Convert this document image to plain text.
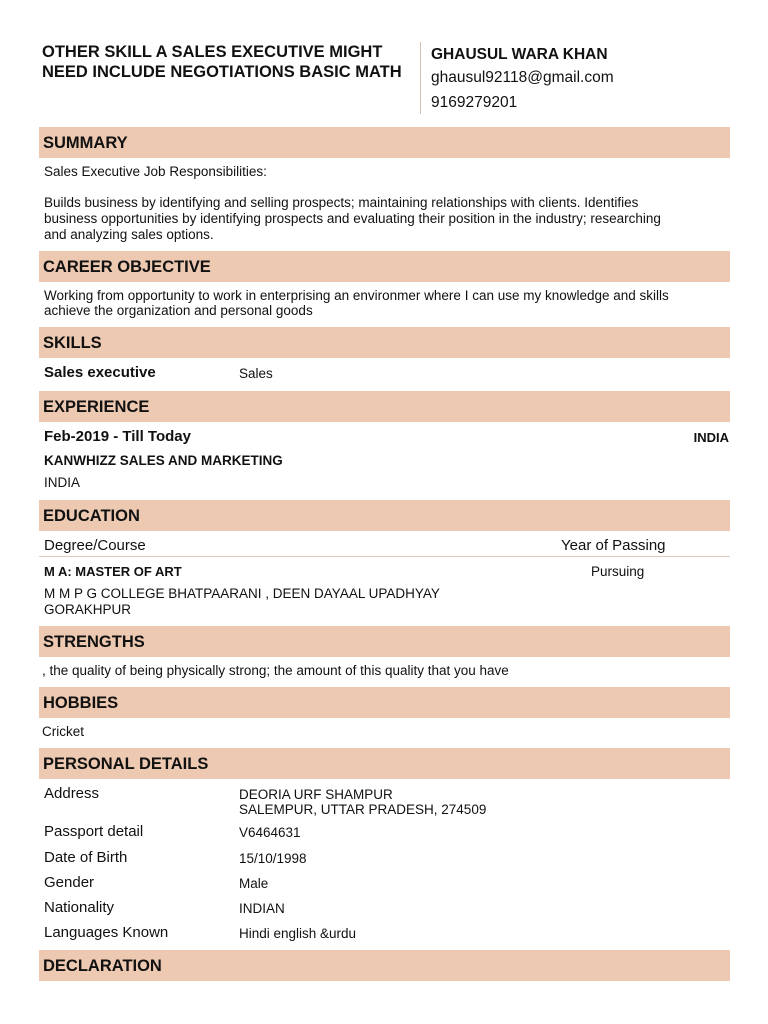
OTHER SKILL A SALES EXECUTIVE MIGHT NEED INCLUDE NEGOTIATIONS BASIC MATH
GHAUSUL WARA KHAN
ghausul92118@gmail.com
9169279201
SUMMARY
Sales Executive Job Responsibilities:
Builds business by identifying and selling prospects; maintaining relationships with clients. Identifies
business opportunities by identifying prospects and evaluating their position in the industry; researching
and analyzing sales options.
CAREER OBJECTIVE
Working from opportunity to work in enterprising an environmer where I can use my knowledge and skills
achieve the organization and personal goods
SKILLS
Sales executive	Sales
EXPERIENCE
Feb-2019 - Till Today	INDIA
KANWHIZZ SALES AND MARKETING
INDIA
EDUCATION
Degree/Course	Year of Passing
M A: MASTER OF ART	Pursuing
M M P G COLLEGE BHATPAARANI , DEEN DAYAAL UPADHYAY
GORAKHPUR
STRENGTHS
, the quality of being physically strong; the amount of this quality that you have
HOBBIES
Cricket
PERSONAL DETAILS
Address	DEORIA URF SHAMPUR
SALEMPUR, UTTAR PRADESH, 274509
Passport detail	V6464631
Date of Birth	15/10/1998
Gender	Male
Nationality	INDIAN
Languages Known	Hindi english &urdu
DECLARATION
